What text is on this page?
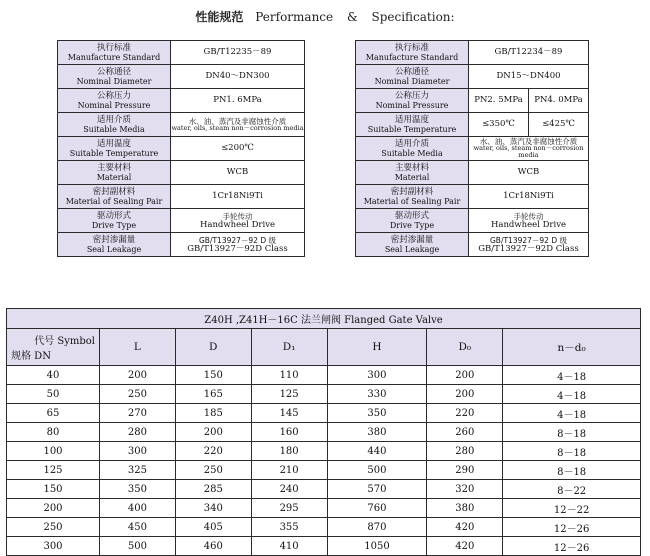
性能规范 Performance & Specification:
执行标准
Manufacture Standard	GB/T12235－89

公称通径
Nominal Diameter	DN40～DN300

公称压力
Nominal Pressure	PN1. 6MPa

适用介质
Suitable Media	水、油、蒸汽及非腐蚀性介质
water, oils, steam non－corrosion media

适用温度
Suitable Temperature	≤200℃

主要材料
Material	WCB

密封副材料
Material of Sealing Pair	1Cr18Ni9Ti

驱动形式
Drive Type	手轮传动
Handwheel Drive

密封渗漏量
Seal Leakage	GB/T13927－92 D 级
GB/T13927－92D Class
执行标准
Manufacture Standard	GB/T12234－89	

公称通径
Nominal Diameter	DN15～DN400	

公称压力
Nominal Pressure	PN2. 5MPa	PN4. 0MPa

适用温度
Suitable Temperature	≤350℃	≤425℃

适用介质
Suitable Media	水、油、蒸汽及非腐蚀性介质
water, oils, steam non－corrosion media	

主要材料
Material	WCB	

密封副材料
Material of Sealing Pair	1Cr18Ni9Ti	

驱动形式
Drive Type	手轮传动
Handwheel Drive	

密封渗漏量
Seal Leakage	GB/T13927－92 D 级
GB/T13927－92D Class	
Z40H ,Z41H－16C 法兰闸阀 Flanged Gate Valve						

代号 Symbol
规格 DN	L	D	D₁	H	D₀	n－d₀
40	200	150	110	300	200	4－18
50	250	165	125	330	200	4－18
65	270	185	145	350	220	4－18
80	280	200	160	380	260	8－18
100	300	220	180	440	280	8－18
125	325	250	210	500	290	8－18
150	350	285	240	570	320	8－22
200	400	340	295	760	380	12－22
250	450	405	355	870	420	12－26
300	500	460	410	1050	420	12－26
